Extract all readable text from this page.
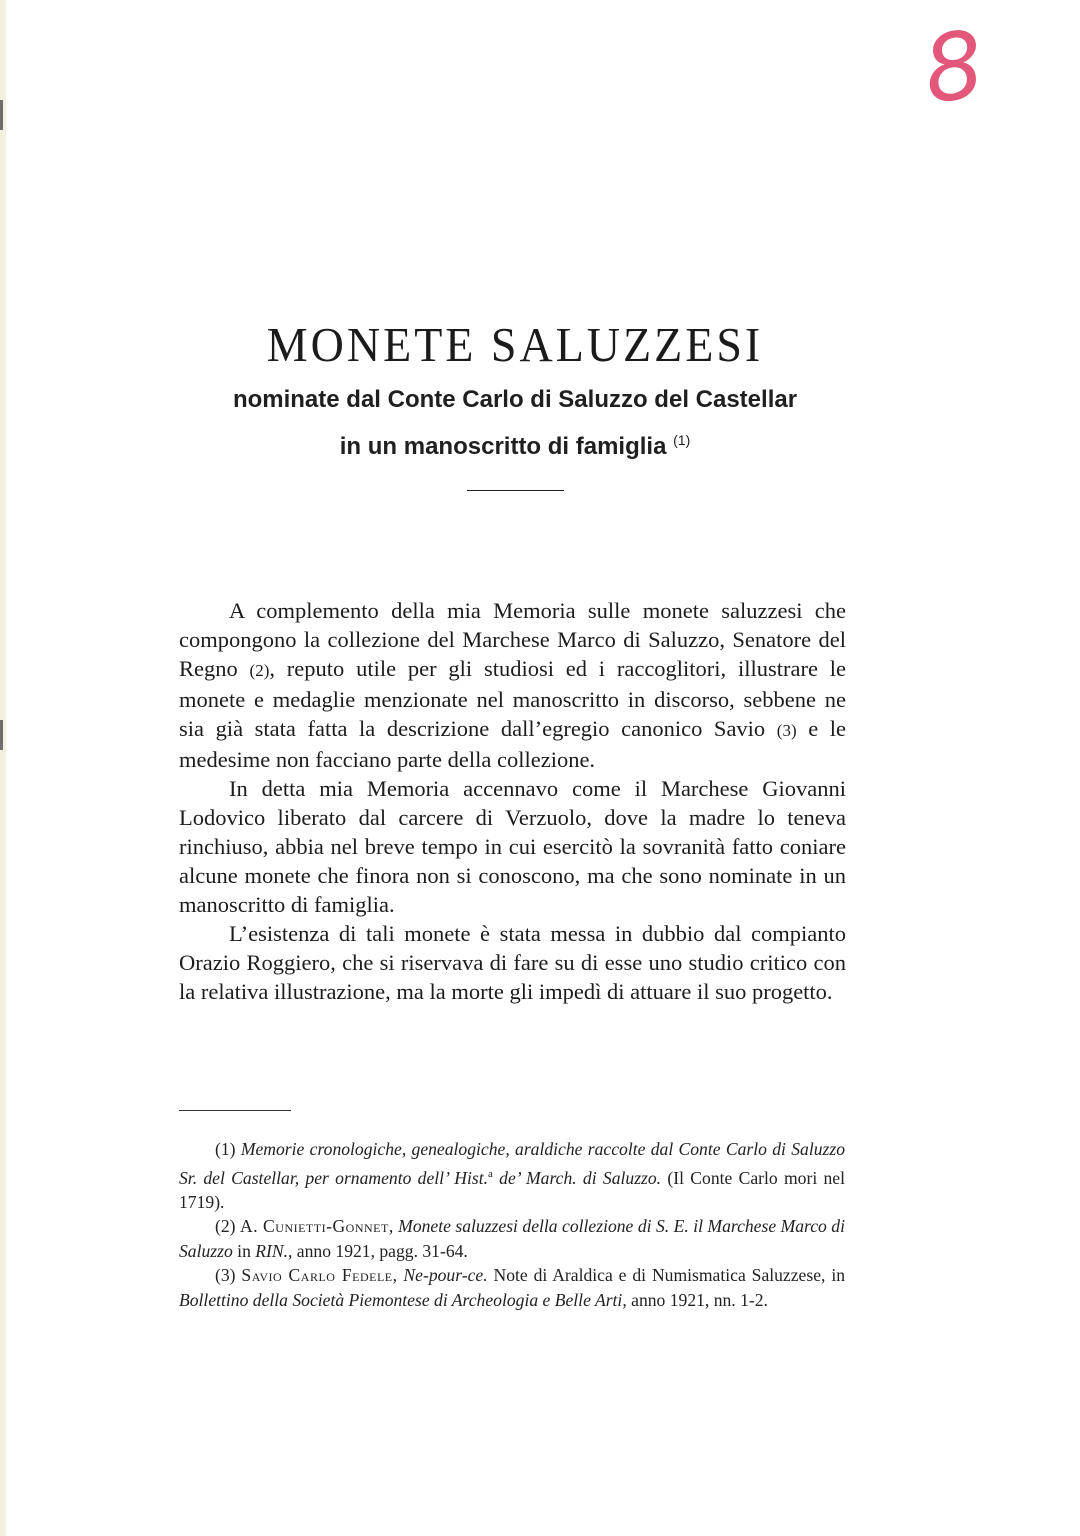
8
MONETE SALUZZESI
nominate dal Conte Carlo di Saluzzo del Castellar
in un manoscritto di famiglia $^{(1)}$

A complemento della mia Memoria sulle monete saluzzesi che compongono la collezione del Marchese Marco di Saluzzo, Senatore del Regno (2), reputo utile per gli studiosi ed i raccoglitori, illustrare le monete e medaglie menzionate nel manoscritto in discorso, sebbene ne sia già stata fatta la descrizione dall’egregio canonico Savio (3) e le medesime non facciano parte della collezione.

In detta mia Memoria accennavo come il Marchese Giovanni Lodovico liberato dal carcere di Verzuolo, dove la madre lo teneva rinchiuso, abbia nel breve tempo in cui esercitò la sovranità fatto coniare alcune monete che finora non si conoscono, ma che sono nominate in un manoscritto di famiglia.

L’esistenza di tali monete è stata messa in dubbio dal compianto Orazio Roggiero, che si riservava di fare su di esse uno studio critico con la relativa illustrazione, ma la morte gli impedì di attuare il suo progetto.

(1) Memorie cronologiche, genealogiche, araldiche raccolte dal Conte Carlo di Saluzzo Sr. del Castellar, per ornamento dell’ Hist.$^a$ de’ March. di Saluzzo. (Il Conte Carlo mori nel 1719).

(2) A. Cunietti-Gonnet, Monete saluzzesi della collezione di S. E. il Marchese Marco di Saluzzo in RIN., anno 1921, pagg. 31-64.

(3) Savio Carlo Fedele, Ne-pour-ce. Note di Araldica e di Numismatica Saluzzese, in Bollettino della Società Piemontese di Archeologia e Belle Arti, anno 1921, nn. 1-2.
